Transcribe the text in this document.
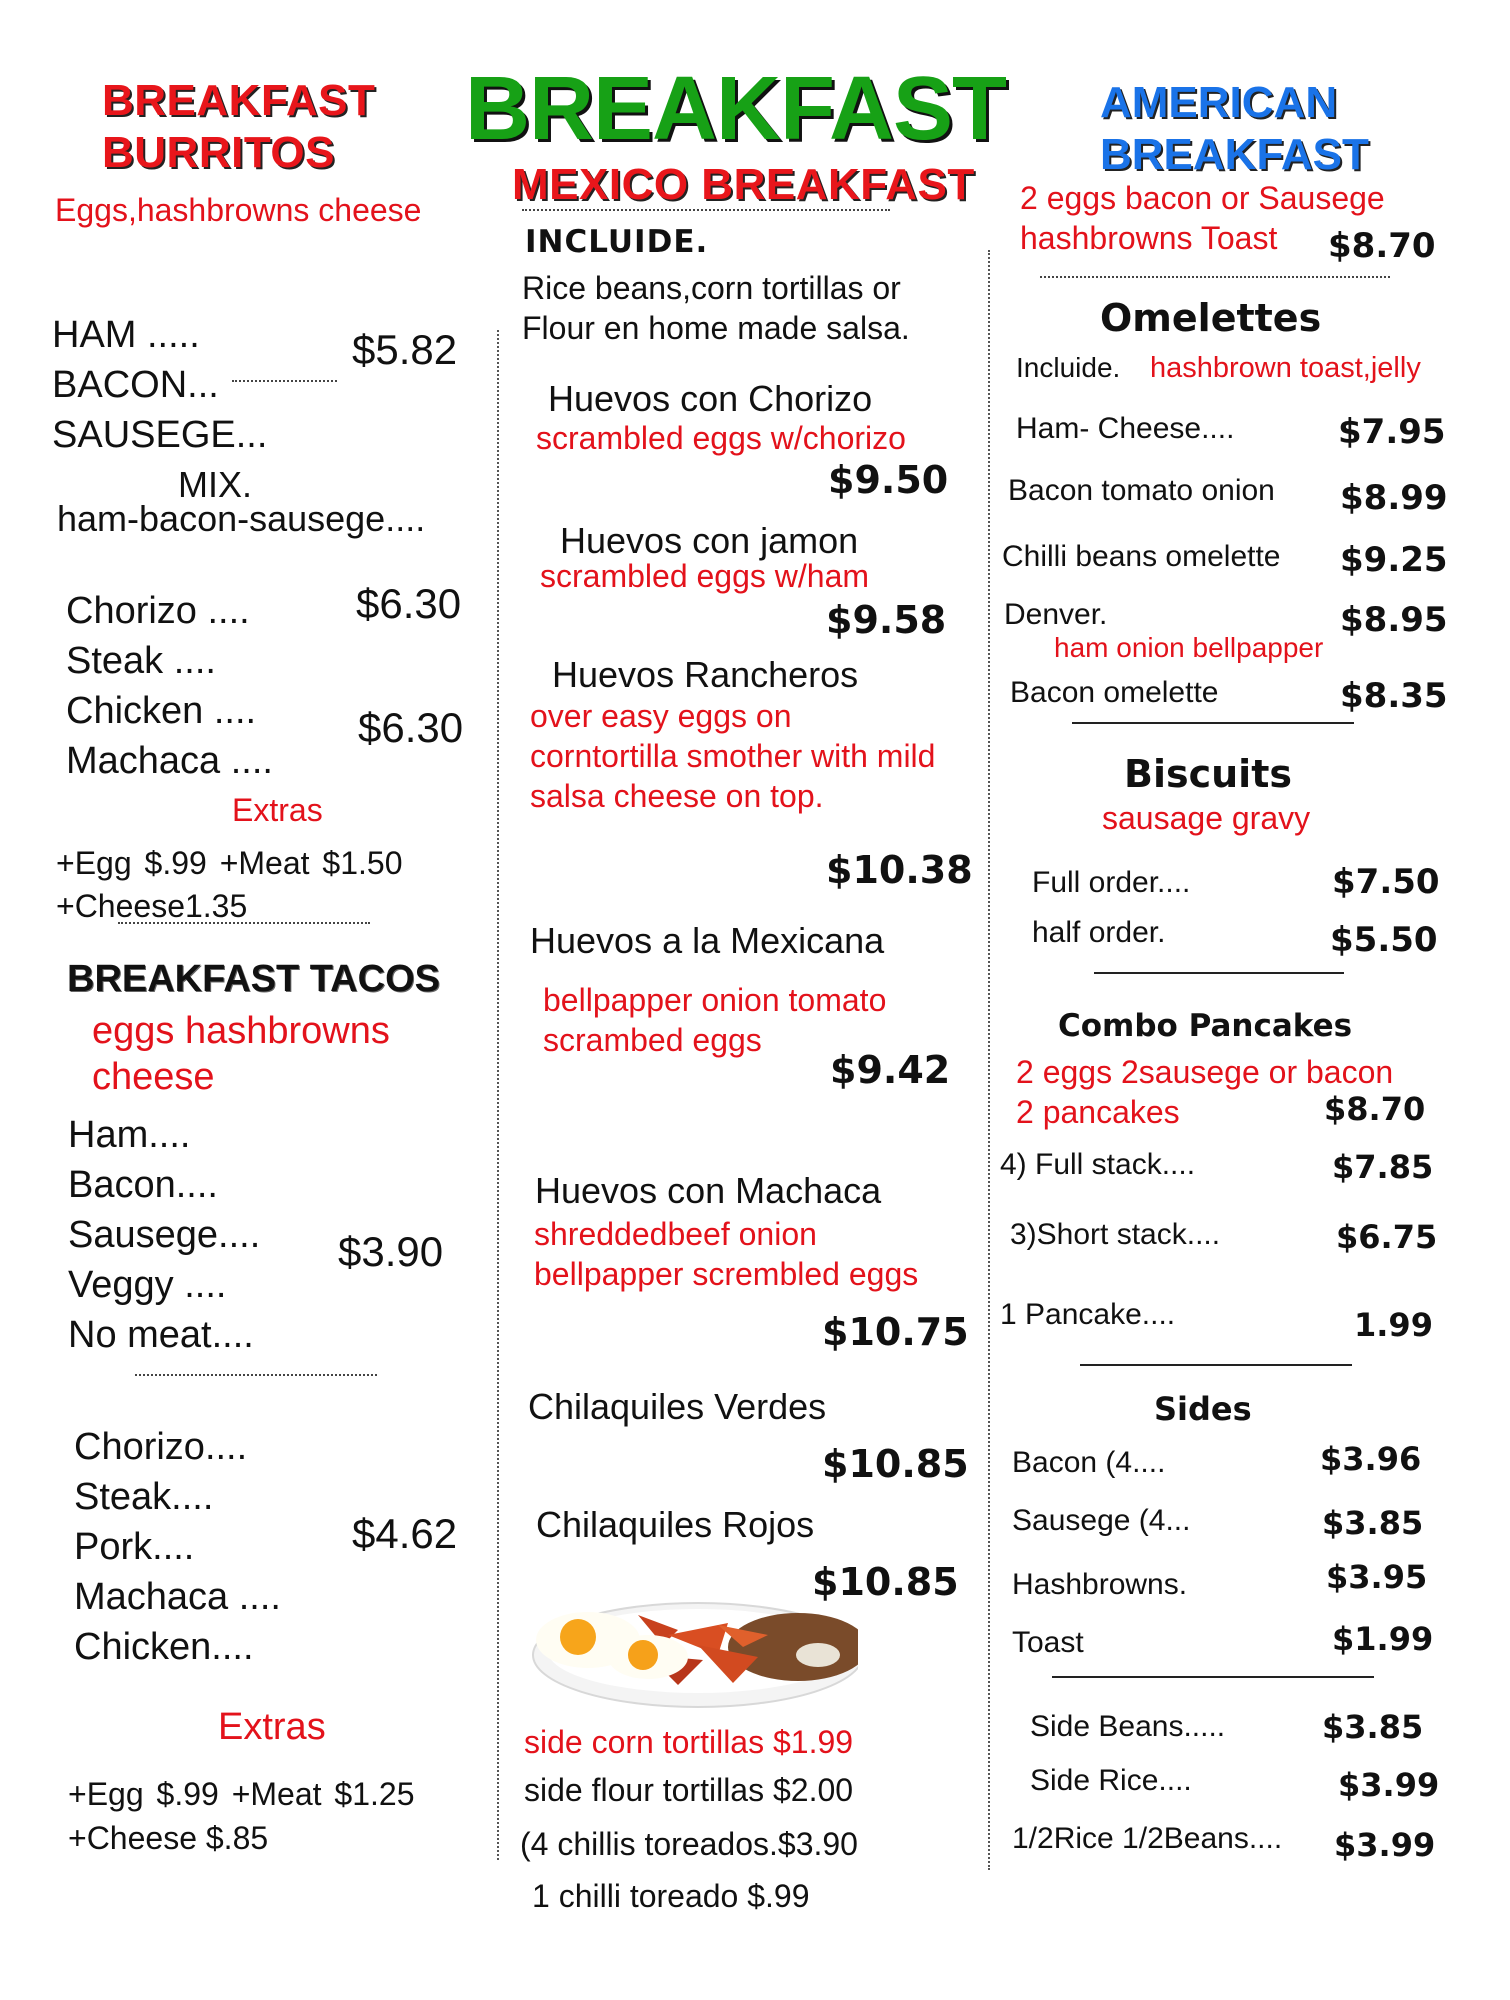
BREAKFAST
BREAKFAST
BURRITOS
Eggs,hashbrowns cheese
HAM .....
BACON...
SAUSEGE...
$5.82
MIX.
ham-bacon-sausege....
Chorizo ....
Steak ....
$6.30
Chicken ....
Machaca ....
$6.30
Extras
+Egg $.99 +Meat $1.50
+Cheese1.35
BREAKFAST TACOS
eggs hashbrowns
cheese
Ham....
Bacon....
Sausege....
Veggy ....
No meat....
$3.90
Chorizo....
Steak....
Pork....
Machaca ....
Chicken....
$4.62
Extras
+Egg $.99 +Meat $1.25
+Cheese $.85
MEXICO BREAKFAST
INCLUIDE.
Rice beans,corn tortillas or
Flour en home made salsa.
Huevos con Chorizo
scrambled eggs w/chorizo
$9.50
Huevos con jamon
scrambled eggs w/ham
$9.58
Huevos Rancheros
over easy eggs on
corntortilla smother with mild
salsa cheese on top.
$10.38
Huevos a la Mexicana
bellpapper onion tomato
scrambed eggs
$9.42
Huevos con Machaca
shreddedbeef onion
bellpapper scrembled eggs
$10.75
Chilaquiles Verdes
$10.85
Chilaquiles Rojos
$10.85
side corn tortillas $1.99
side flour tortillas $2.00
(4 chillis toreados.$3.90
1 chilli toreado $.99
AMERICAN
BREAKFAST
2 eggs bacon or Sausege
hashbrowns Toast $8.70
Omelettes
Incluide. hashbrown toast,jelly
Ham- Cheese....	$7.95
Bacon tomato onion $8.99
Chilli beans omelette $9.25
Denver.	$8.95
ham onion bellpapper
Bacon omelette	$8.35
Biscuits
sausage gravy
Full order....	$7.50
half order.	$5.50
Combo Pancakes
2 eggs 2sausege or bacon
2 pancakes	$8.70
4) Full stack....	$7.85
3)Short stack....	$6.75
1 Pancake....	1.99
Sides
Bacon (4....	$3.96
Sausege (4...	$3.85
Hashbrowns.	$3.95
Toast	$1.99
Side Beans.....	$3.85
Side Rice....	$3.99
1/2Rice 1/2Beans.... $3.99
